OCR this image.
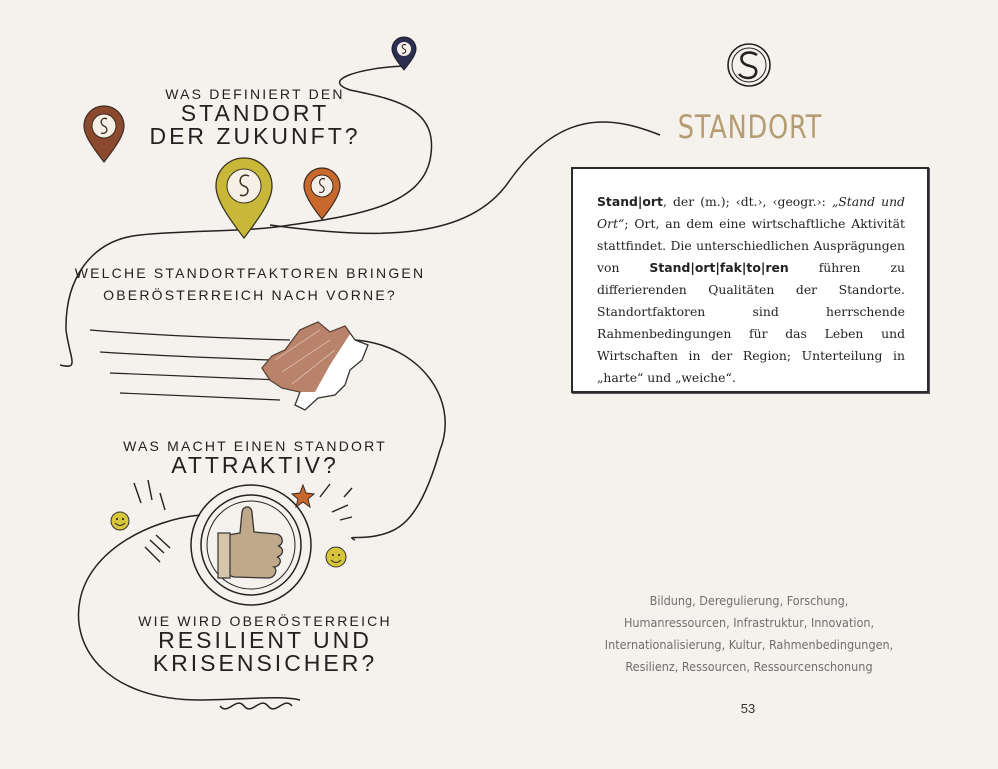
WAS DEFINIERT DEN
STANDORT
DER ZUKUNFT?
WELCHE STANDORTFAKTOREN BRINGEN
OBERÖSTERREICH NACH VORNE?
WAS MACHT EINEN STANDORT
ATTRAKTIV?
WIE WIRD OBERÖSTERREICH
RESILIENT UND
KRISENSICHER?
STANDORT
Stand|ort, der (m.); ‹dt.›, ‹geogr.›: „Stand und Ort“; Ort, an dem eine wirtschaftliche Aktivität stattfindet. Die unterschiedlichen Ausprägungen von Stand|ort|fak|to|ren führen zu differierenden Qualitäten der Standorte. Standortfaktoren sind herrschende Rahmenbedingungen für das Leben und Wirtschaften in der Region; Unterteilung in „harte“ und „weiche“.
Bildung, Deregulierung, Forschung,
Humanressourcen, Infrastruktur, Innovation,
Internationalisierung, Kultur, Rahmenbedingungen,
Resilienz, Ressourcen, Ressourcenschonung
53
